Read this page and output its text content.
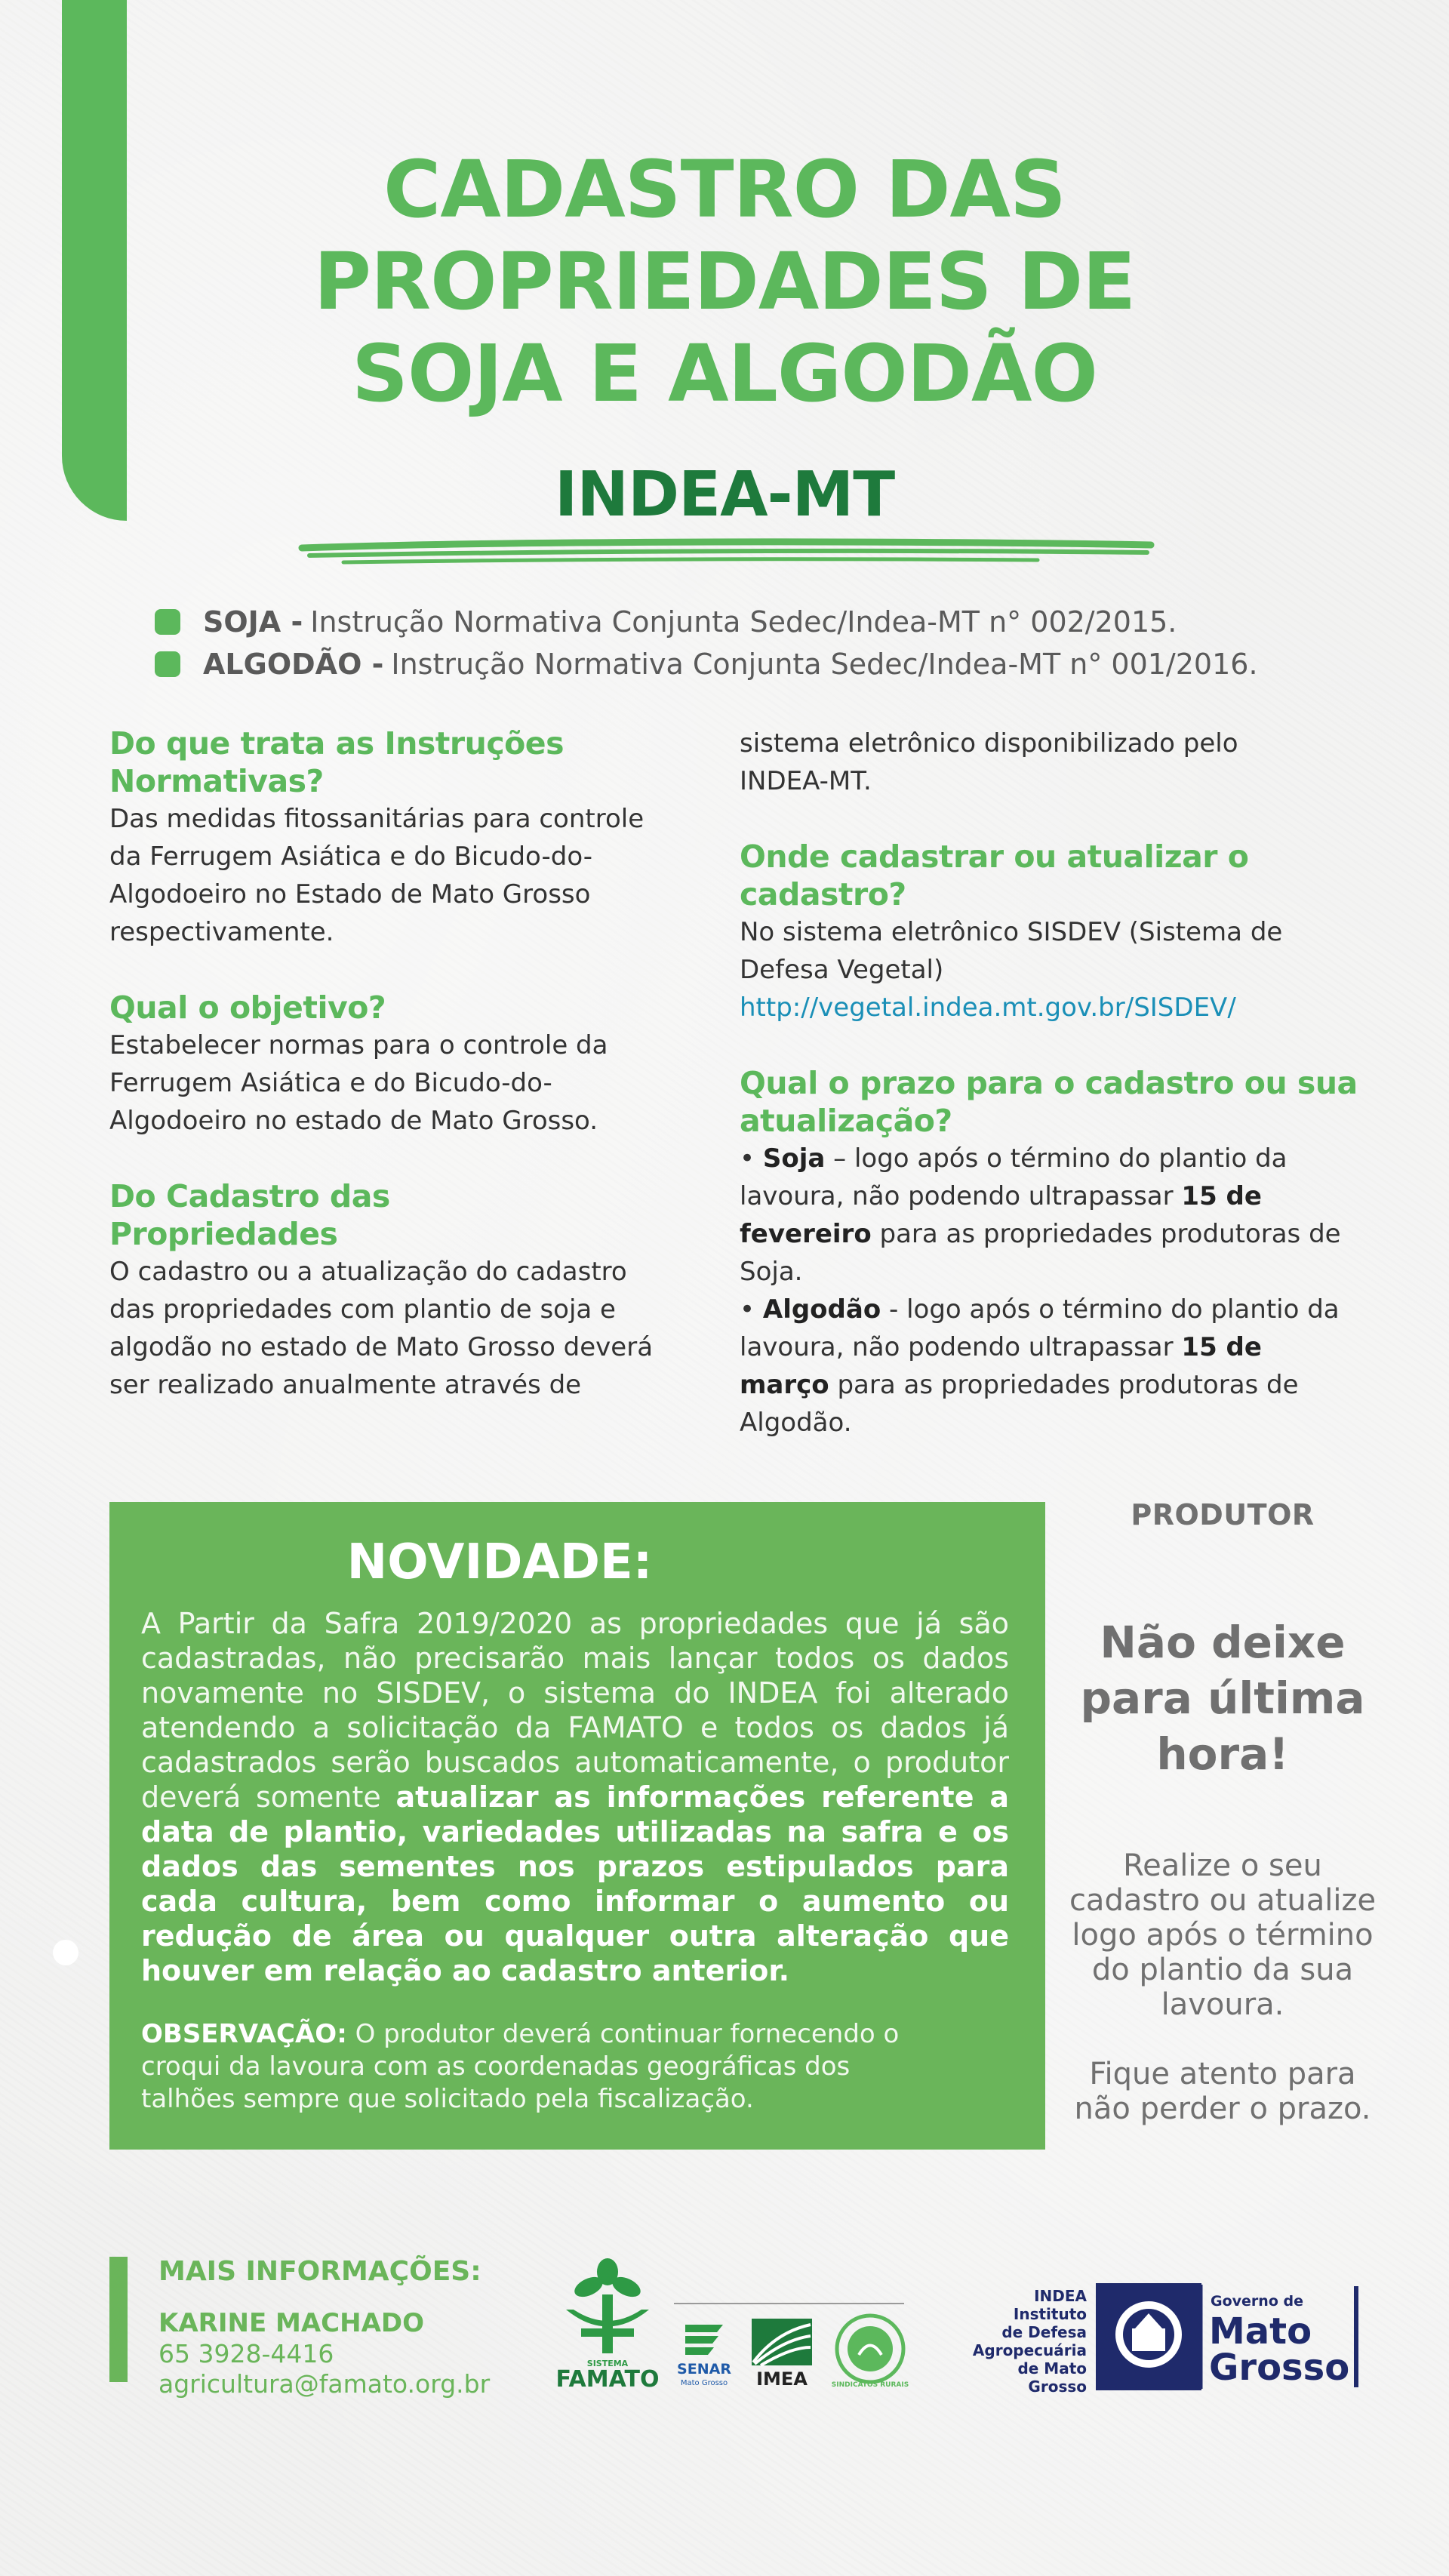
CADASTRO DAS
PROPRIEDADES DE
SOJA E ALGODÃO
INDEA-MT
SOJA - Instrução Normativa Conjunta Sedec/Indea-MT n° 002/2015.
ALGODÃO - Instrução Normativa Conjunta Sedec/Indea-MT n° 001/2016.
Do que trata as Instruções Normativas?

Das medidas fitossanitárias para controle da Ferrugem Asiática e do Bicudo-do-Algodoeiro no Estado de Mato Grosso respectivamente.

Qual o objetivo?

Estabelecer normas para o controle da Ferrugem Asiática e do Bicudo-do-Algodoeiro no estado de Mato Grosso.

Do Cadastro das Propriedades

O cadastro ou a atualização do cadastro das propriedades com plantio de soja e algodão no estado de Mato Grosso deverá ser realizado anualmente através de

sistema eletrônico disponibilizado pelo INDEA-MT.

Onde cadastrar ou atualizar o cadastro?

No sistema eletrônico SISDEV (Sistema de Defesa Vegetal)

http://vegetal.indea.mt.gov.br/SISDEV/

Qual o prazo para o cadastro ou sua atualização?

• Soja – logo após o término do plantio da lavoura, não podendo ultrapassar 15 de fevereiro para as propriedades produtoras de Soja.

• Algodão - logo após o término do plantio da lavoura, não podendo ultrapassar 15 de março para as propriedades produtoras de Algodão.

NOVIDADE:

A Partir da Safra 2019/2020 as propriedades que já são cadastradas, não precisarão mais lançar todos os dados novamente no SISDEV, o sistema do INDEA foi alterado atendendo a solicitação da FAMATO e todos os dados já cadastrados serão buscados automaticamente, o produtor deverá somente atualizar as informações referente a data de plantio, variedades utilizadas na safra e os dados das sementes nos prazos estipulados para cada cultura, bem como informar o aumento ou redução de área ou qualquer outra alteração que houver em relação ao cadastro anterior.

OBSERVAÇÃO: O produtor deverá continuar fornecendo o croqui da lavoura com as coordenadas geográficas dos talhões sempre que solicitado pela fiscalização.

PRODUTOR

Não deixe para última hora!

Realize o seu cadastro ou atualize logo após o término do plantio da sua lavoura.

Fique atento para não perder o prazo.

MAIS INFORMAÇÕES:

KARINE MACHADO

65 3928-4416

agricultura@famato.org.br

SISTEMA
FAMATO SENAR
Mato Grosso IMEA	SINDICATOS RURAIS

INDEA
Instituto
de Defesa
Agropecuária
de Mato Grosso

Governo de
Mato
Grosso
